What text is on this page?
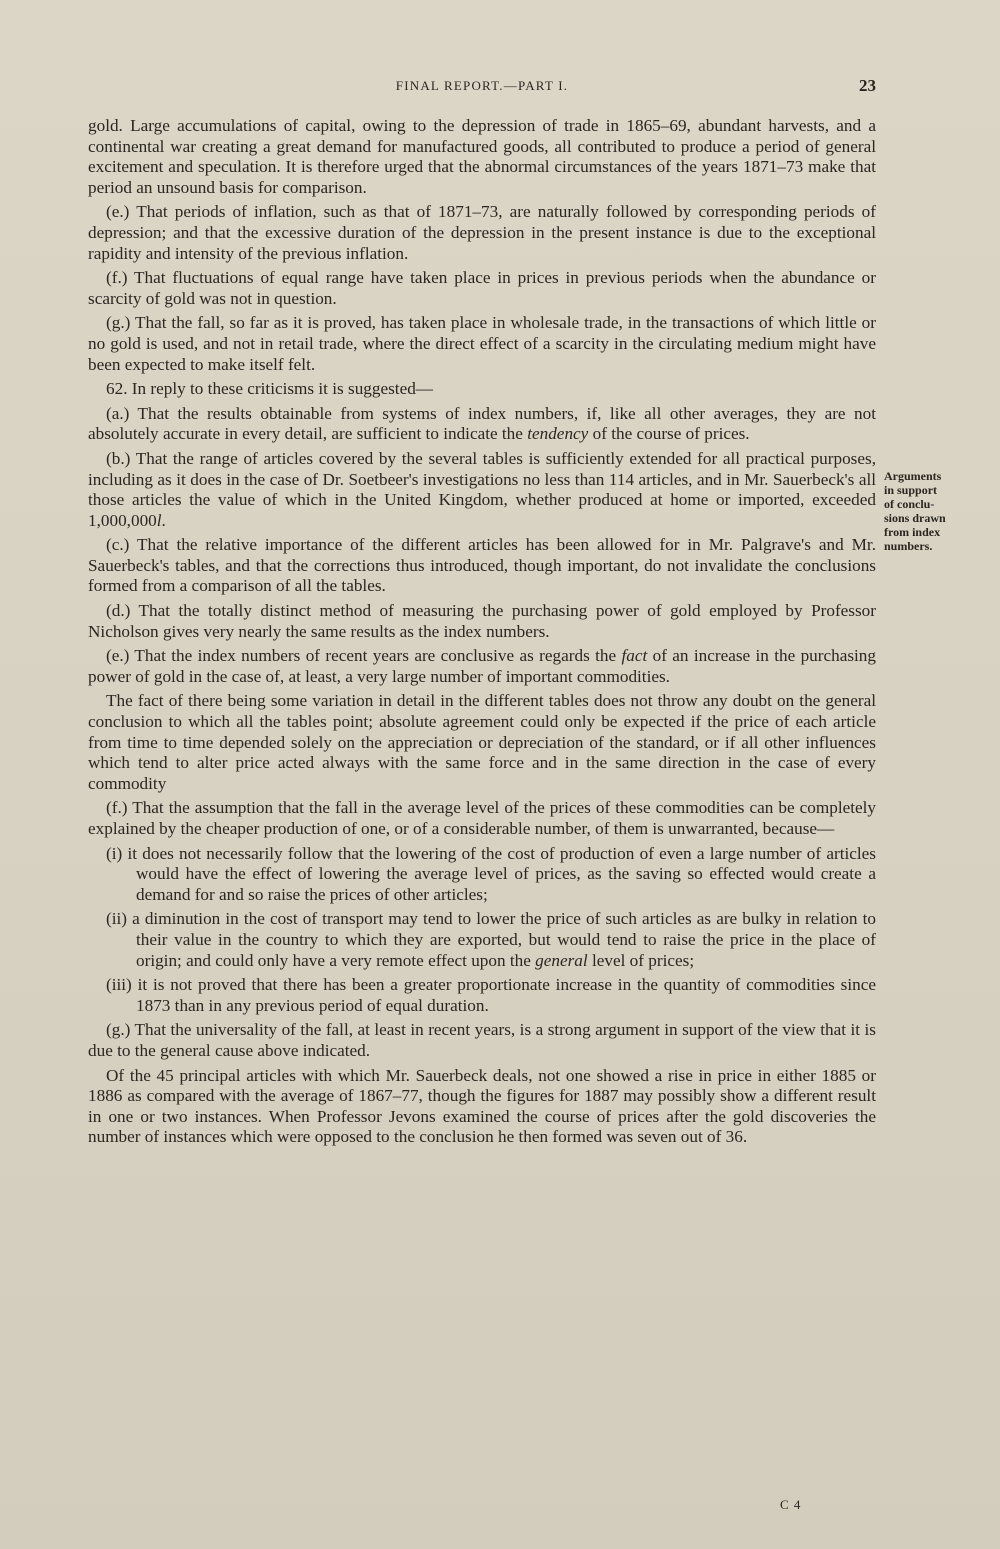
FINAL REPORT.—PART I.	23

gold. Large accumulations of capital, owing to the depression of trade in 1865–69, abundant harvests, and a continental war creating a great demand for manufactured goods, all contributed to produce a period of general excitement and speculation. It is therefore urged that the abnormal circumstances of the years 1871–73 make that period an unsound basis for comparison.

(e.) That periods of inflation, such as that of 1871–73, are naturally followed by corresponding periods of depression; and that the excessive duration of the depression in the present instance is due to the exceptional rapidity and intensity of the previous inflation.

(f.) That fluctuations of equal range have taken place in prices in previous periods when the abundance or scarcity of gold was not in question.

(g.) That the fall, so far as it is proved, has taken place in wholesale trade, in the transactions of which little or no gold is used, and not in retail trade, where the direct effect of a scarcity in the circulating medium might have been expected to make itself felt.

62. In reply to these criticisms it is suggested—

(a.) That the results obtainable from systems of index numbers, if, like all other averages, they are not absolutely accurate in every detail, are sufficient to indicate the tendency of the course of prices.

(b.) That the range of articles covered by the several tables is sufficiently extended for all practical purposes, including as it does in the case of Dr. Soetbeer's investigations no less than 114 articles, and in Mr. Sauerbeck's all those articles the value of which in the United Kingdom, whether produced at home or imported, exceeded 1,000,000l.

(c.) That the relative importance of the different articles has been allowed for in Mr. Palgrave's and Mr. Sauerbeck's tables, and that the corrections thus introduced, though important, do not invalidate the conclusions formed from a comparison of all the tables.

(d.) That the totally distinct method of measuring the purchasing power of gold employed by Professor Nicholson gives very nearly the same results as the index numbers.

(e.) That the index numbers of recent years are conclusive as regards the fact of an increase in the purchasing power of gold in the case of, at least, a very large number of important commodities.

The fact of there being some variation in detail in the different tables does not throw any doubt on the general conclusion to which all the tables point; absolute agreement could only be expected if the price of each article from time to time depended solely on the appreciation or depreciation of the standard, or if all other influences which tend to alter price acted always with the same force and in the same direction in the case of every commodity

(f.) That the assumption that the fall in the average level of the prices of these commodities can be completely explained by the cheaper production of one, or of a considerable number, of them is unwarranted, because—

(i) it does not necessarily follow that the lowering of the cost of production of even a large number of articles would have the effect of lowering the average level of prices, as the saving so effected would create a demand for and so raise the prices of other articles;

(ii) a diminution in the cost of transport may tend to lower the price of such articles as are bulky in relation to their value in the country to which they are exported, but would tend to raise the price in the place of origin; and could only have a very remote effect upon the general level of prices;

(iii) it is not proved that there has been a greater proportionate increase in the quantity of commodities since 1873 than in any previous period of equal duration.

(g.) That the universality of the fall, at least in recent years, is a strong argument in support of the view that it is due to the general cause above indicated.

Of the 45 principal articles with which Mr. Sauerbeck deals, not one showed a rise in price in either 1885 or 1886 as compared with the average of 1867–77, though the figures for 1887 may possibly show a different result in one or two instances. When Professor Jevons examined the course of prices after the gold discoveries the number of instances which were opposed to the conclusion he then formed was seven out of 36.

Arguments
in support
of conclu-
sions drawn
from index
numbers.
C 4
